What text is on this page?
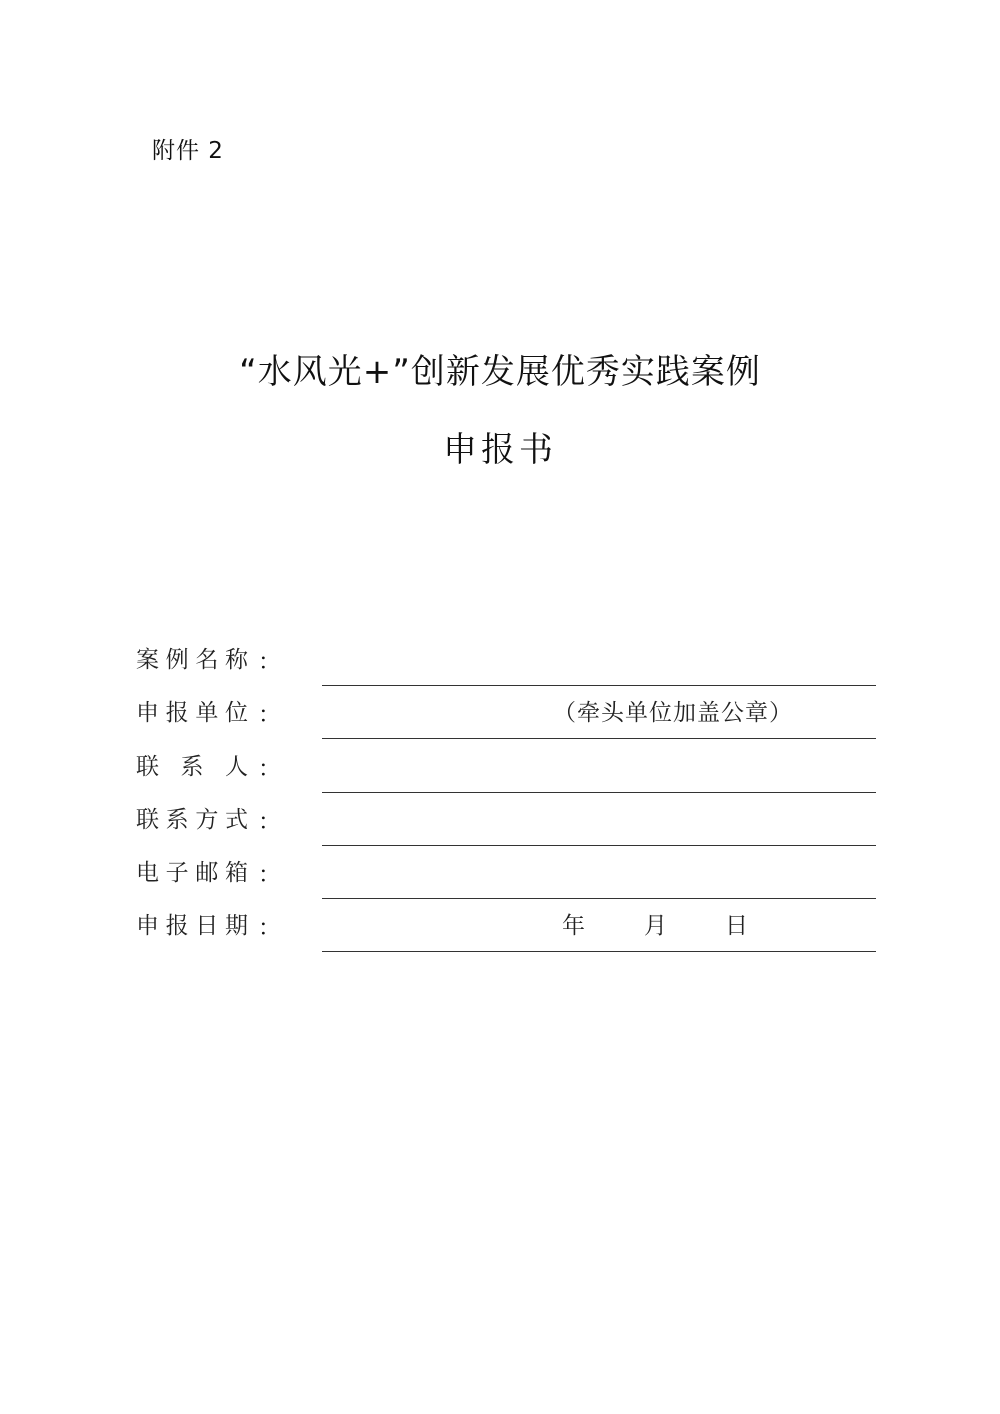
附件 2
“水风光+”创新发展优秀实践案例
申报书
案 例 名 称 ：
申 报 单 位 ：	（牵头单位加盖公章）
联 系 人 ：
联 系 方 式 ：
电 子 邮 箱 ：
申 报 日 期 ：	年	月	日
